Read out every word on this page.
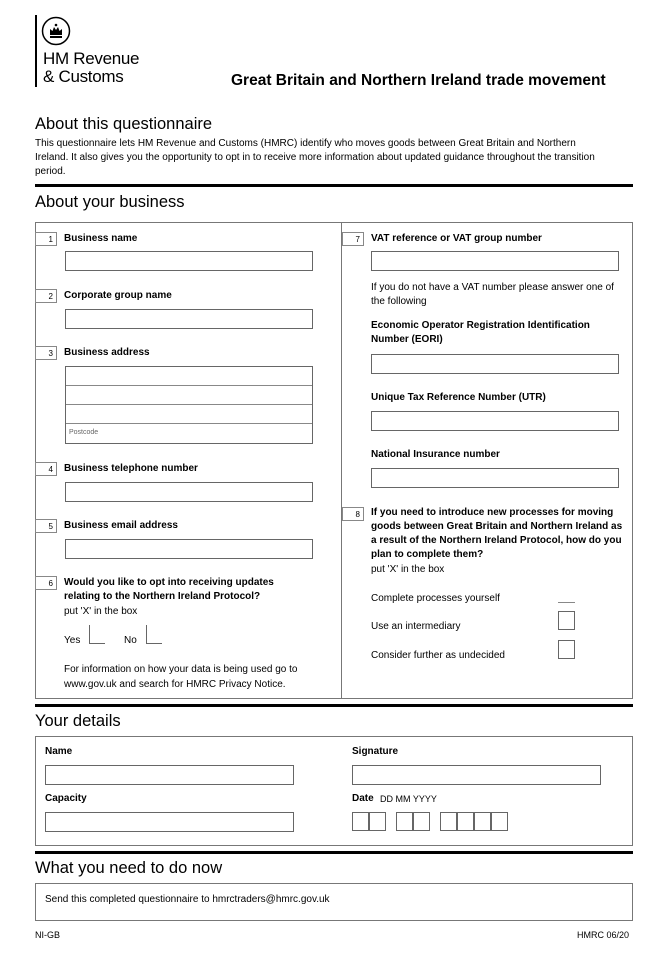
HM Revenue
& Customs	Great Britain and Northern Ireland trade movement
About this questionnaire
This questionnaire lets HM Revenue and Customs (HMRC) identify who moves goods between Great Britain and Northern Ireland. It also gives you the opportunity to opt in to receive more information about updated guidance throughout the transition period.
About your business
1	Business name
2	Corporate group name
3	Business address
Postcode
4	Business telephone number
5	Business email address
6	Would you like to opt into receiving updates relating to the Northern Ireland Protocol?
put 'X' in the box
Yes	No
For information on how your data is being used go to www.gov.uk and search for HMRC Privacy Notice.
7	VAT reference or VAT group number
If you do not have a VAT number please answer one of the following
Economic Operator Registration Identification Number (EORI)
Unique Tax Reference Number (UTR)
National Insurance number
8	If you need to introduce new processes for moving goods between Great Britain and Northern Ireland as a result of the Northern Ireland Protocol, how do you plan to complete them?
put 'X' in the box
Complete processes yourself
Use an intermediary
Consider further as undecided
Your details
Name	Signature
Capacity	Date DD MM YYYY
What you need to do now
Send this completed questionnaire to hmrctraders@hmrc.gov.uk
NI-GB	HMRC 06/20
